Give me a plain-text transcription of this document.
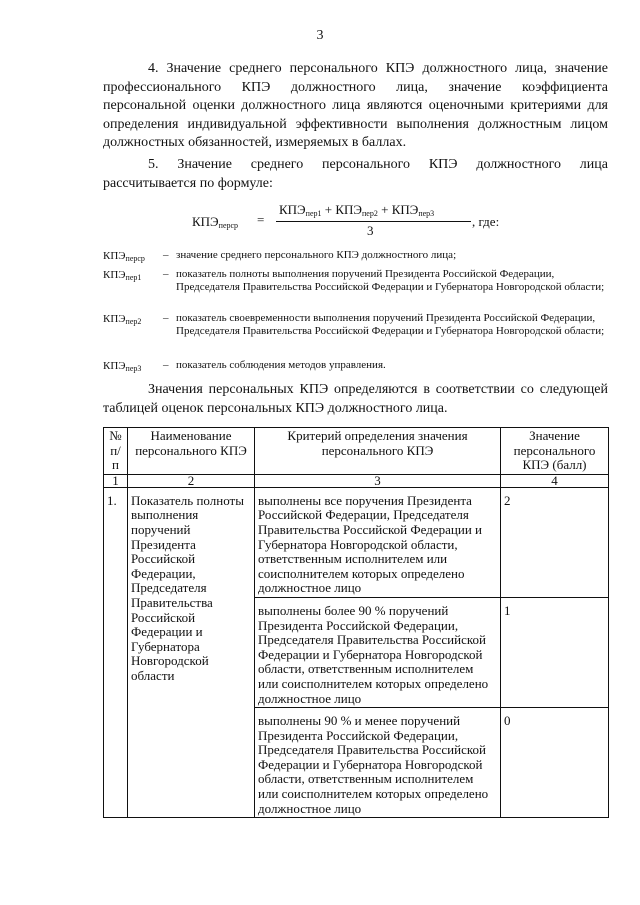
3
4. Значение среднего персонального КПЭ должностного лица, значение профессионального КПЭ должностного лица, значение коэффициента персональной оценки должностного лица являются оценочными критериями для определения индивидуальной эффективности выполнения должностным лицом должностных обязанностей, измеряемых в баллах.
5. Значение среднего персонального КПЭ должностного лица рассчитывается по формуле:
$КПЭ_{перср}$ =
$КПЭ_{пер1} + КПЭ_{пер2} + КПЭ_{пер3}$
3
, где:
$КПЭ_{перср}$	– значение среднего персонального КПЭ должностного лица;
$КПЭ_{пер1}$	– показатель полноты выполнения поручений Президента Российской Федерации, Председателя Правительства Российской Федерации и Губернатора Новгородской области;
$КПЭ_{пер2}$	– показатель своевременности выполнения поручений Президента Российской Федерации, Председателя Правительства Российской Федерации и Губернатора Новгородской области;
$КПЭ_{пер3}$	– показатель соблюдения методов управления.
Значения персональных КПЭ определяются в соответствии со следующей таблицей оценок персональных КПЭ должностного лица.
№ п/п	Наименование персонального КПЭ	Критерий определения значения персонального КПЭ	Значение персонального КПЭ (балл)
1	2	3	4
1.	Показатель полноты выполнения поручений Президента Российской Федерации, Председателя Правительства Российской Федерации и Губернатора Новгородской области	выполнены все поручения Президента Российской Федерации, Председателя Правительства Российской Федерации и Губернатора Новгородской области, ответственным исполнителем или соисполнителем которых определено должностное лицо	2
		выполнены более 90 % поручений Президента Российской Федерации, Председателя Правительства Российской Федерации и Губернатора Новгородской области, ответственным исполнителем или соисполнителем которых определено должностное лицо	1
		выполнены 90 % и менее поручений Президента Российской Федерации, Председателя Правительства Российской Федерации и Губернатора Новгородской области, ответственным исполнителем или соисполнителем которых определено должностное лицо	0
